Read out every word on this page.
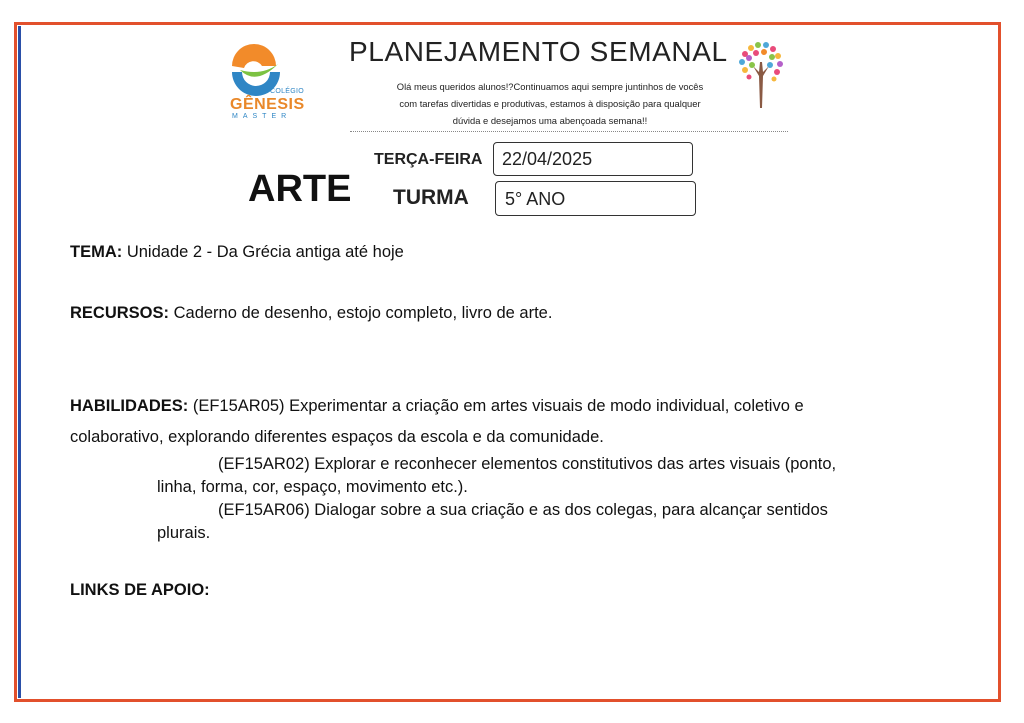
COLÉGIO
GÊNESIS
MASTER
PLANEJAMENTO SEMANAL
Olá meus queridos alunos!?Continuamos aqui sempre juntinhos de vocês
com tarefas divertidas e produtivas, estamos à disposição para qualquer
dúvida e desejamos uma abençoada semana!!
ARTE
TERÇA-FEIRA	22/04/2025
TURMA	5° ANO
TEMA: Unidade 2 - Da Grécia antiga até hoje
RECURSOS: Caderno de desenho, estojo completo, livro de arte.
HABILIDADES: (EF15AR05) Experimentar a criação em artes visuais de modo individual, coletivo e
colaborativo, explorando diferentes espaços da escola e da comunidade.
(EF15AR02) Explorar e reconhecer elementos constitutivos das artes visuais (ponto,
linha, forma, cor, espaço, movimento etc.).
(EF15AR06) Dialogar sobre a sua criação e as dos colegas, para alcançar sentidos
plurais.
LINKS DE APOIO:
